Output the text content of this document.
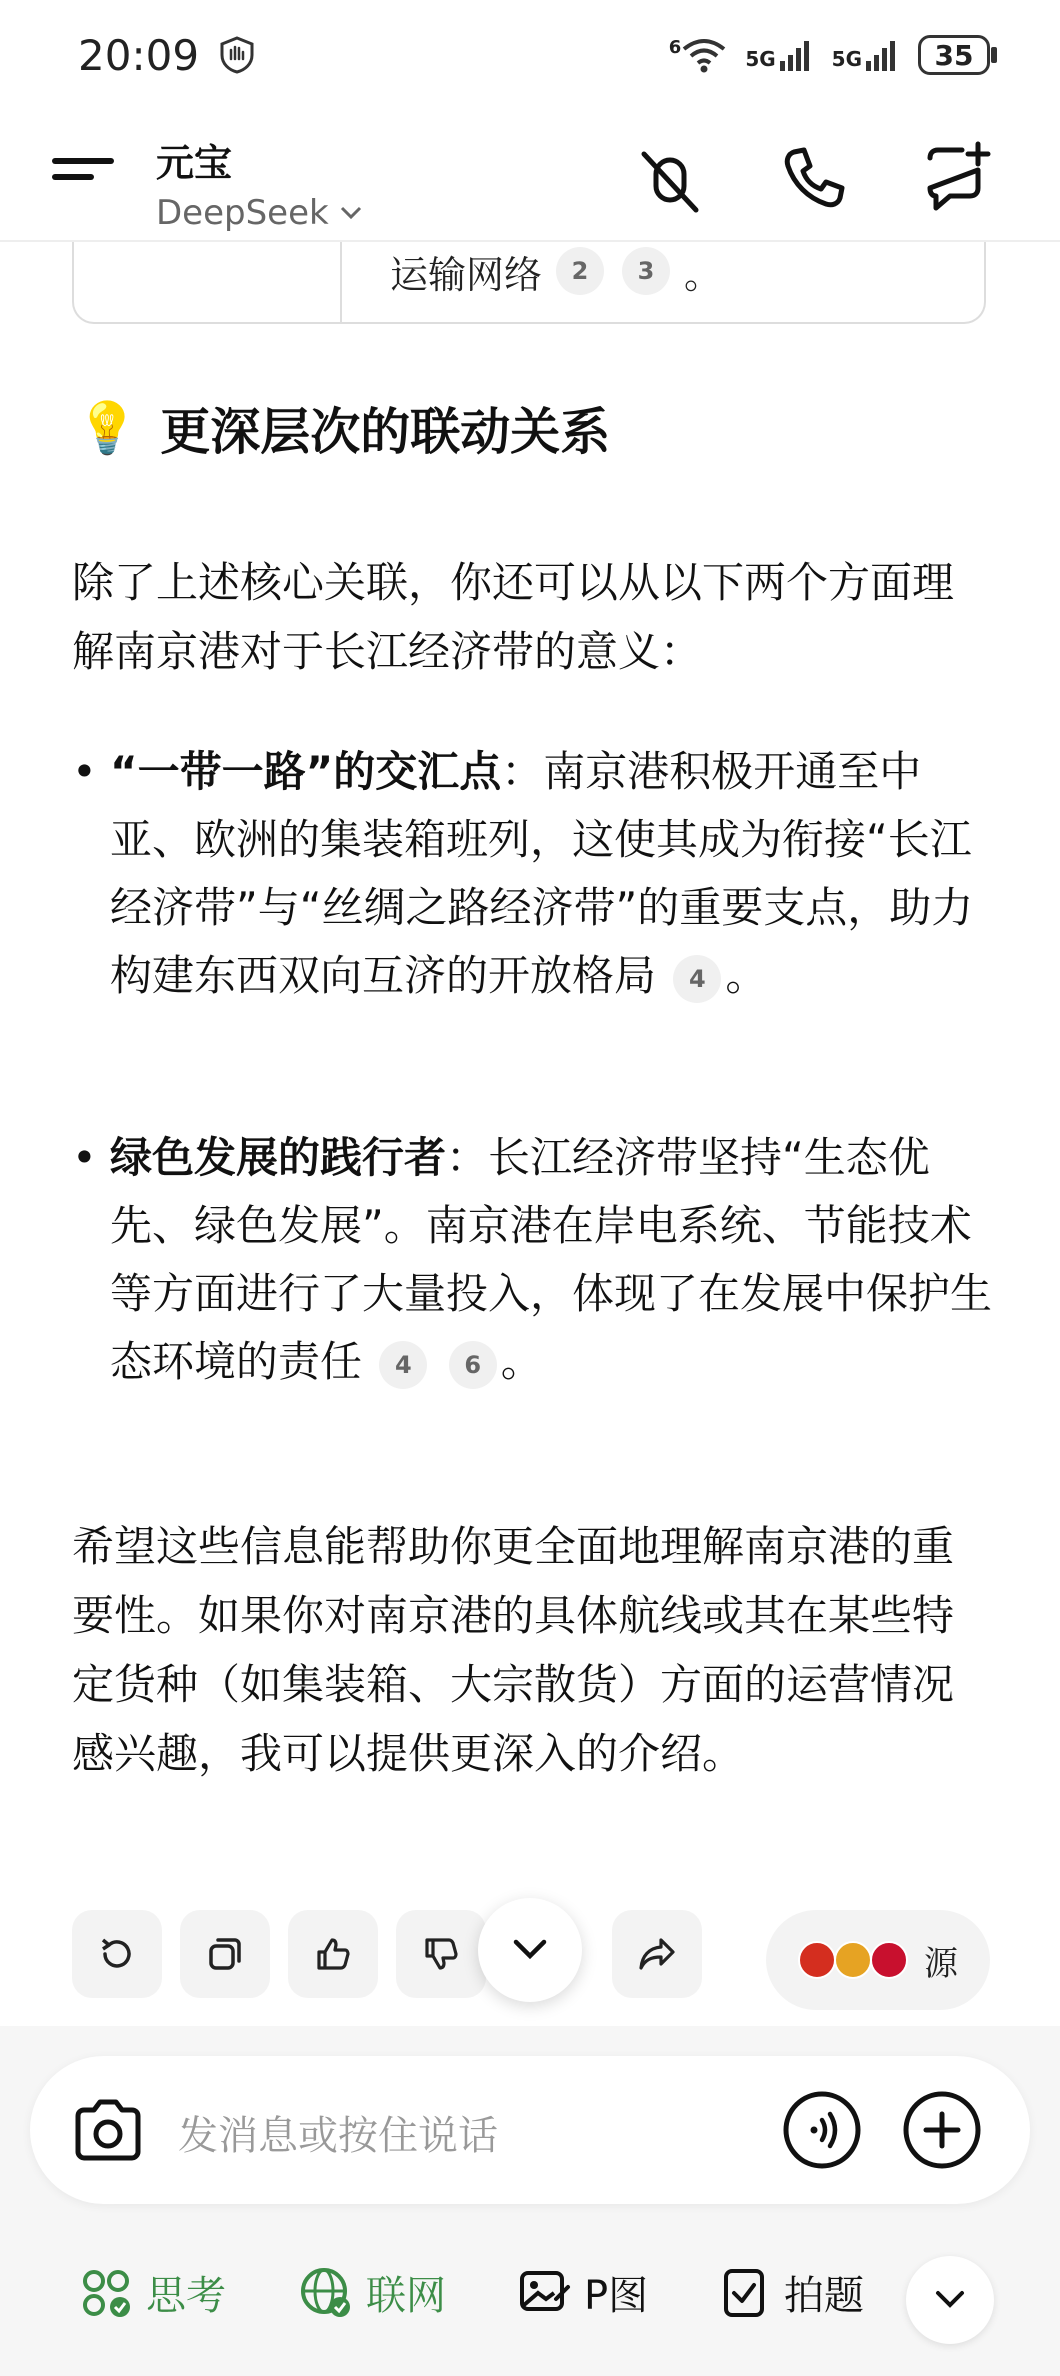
20:09	6	5G	5G	35
元宝
DeepSeek
运输网络	2	3 。
💡 更深层次的联动关系
除了上述核心关联，你还可以从以下两个方面理解南京港对于长江经济带的意义：
• “一带一路”的交汇点：南京港积极开通至中亚、欧洲的集装箱班列，这使其成为衔接“长江经济带”与“丝绸之路经济带”的重要支点，助力构建东西双向互济的开放格局 4 。
• 绿色发展的践行者：长江经济带坚持“生态优先、绿色发展”。南京港在岸电系统、节能技术等方面进行了大量投入，体现了在发展中保护生态环境的责任 4 6 。
希望这些信息能帮助你更全面地理解南京港的重要性。如果你对南京港的具体航线或其在某些特定货种（如集装箱、大宗散货）方面的运营情况感兴趣，我可以提供更深入的介绍。
源
发消息或按住说话
思考	联网	P图	拍题
